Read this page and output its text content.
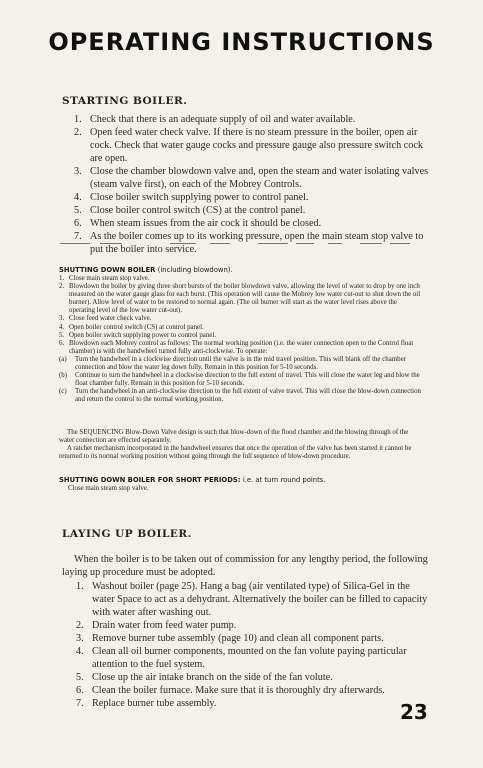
OPERATING INSTRUCTIONS
STARTING BOILER.
1. Check that there is an adequate supply of oil and water available.
2. Open feed water check valve. If there is no steam pressure in the boiler, open air cock. Check that water gauge cocks and pressure gauge also pressure switch cock are open.
3. Close the chamber blowdown valve and, open the steam and water isolating valves (steam valve first), on each of the Mobrey Controls.
4. Close boiler switch supplying power to control panel.
5. Close boiler control switch (CS) at the control panel.
6. When steam issues from the air cock it should be closed.
7. As the boiler comes up to its working pressure, open the main steam stop valve to put the boiler into service.
SHUTTING DOWN BOILER (including blowdown).
1. Close main steam stop valve.
2. Blowdown the boiler by giving three short bursts of the boiler blowdown valve, allowing the level of water to drop by one inch measured on the water gauge glass for each burst. (This operation will cause the Mobrey low water cut-out to shut down the oil burner). Allow level of water to be restored to normal again. (The oil burner will start as the water level rises above the operating level of the low water cut-out).
3. Close feed water check valve.
4. Open boiler control switch (CS) at control panel.
5. Open boiler switch supplying power to control panel.
6. Blowdown each Mobrey control as follows: The normal working position (i.e. the water connection open to the Control float chamber) is with the handwheel turned fully anti-clockwise. To operate:
(a) Turn the handwheel in a clockwise direction until the valve is in the mid travel position. This will blank off the chamber connection and blow the water leg down fully. Remain in this position for 5-10 seconds.
(b) Continue to turn the handwheel in a clockwise direction to the full extent of travel. This will close the water leg and blow the float chamber fully. Remain in this position for 5-10 seconds.
(c) Turn the handwheel in an anti-clockwise direction to the full extent of valve travel. This will close the blow-down connection and return the control to the normal working position.
The SEQUENCING Blow-Down Valve design is such that blow-down of the flood chamber and the blowing through of the water connection are effected separately.
A ratchet mechanism incorporated in the handwheel ensures that once the operation of the valve has been started it cannot be returned to its normal working position without going through the full sequence of blow-down procedure.
SHUTTING DOWN BOILER FOR SHORT PERIODS: i.e. at turn round points.
Close main steam stop valve.
LAYING UP BOILER.
When the boiler is to be taken out of commission for any lengthy period, the following laying up procedure must be adopted.
1. Washout boiler (page 25). Hang a bag (air ventilated type) of Silica-Gel in the water Space to act as a dehydrant. Alternatively the boiler can be filled to capacity with water after washing out.
2. Drain water from feed water pump.
3. Remove burner tube assembly (page 10) and clean all component parts.
4. Clean all oil burner components, mounted on the fan volute paying particular attention to the fuel system.
5. Close up the air intake branch on the side of the fan volute.
6. Clean the boiler furnace. Make sure that it is thoroughly dry afterwards.
7. Replace burner tube assembly.	23
